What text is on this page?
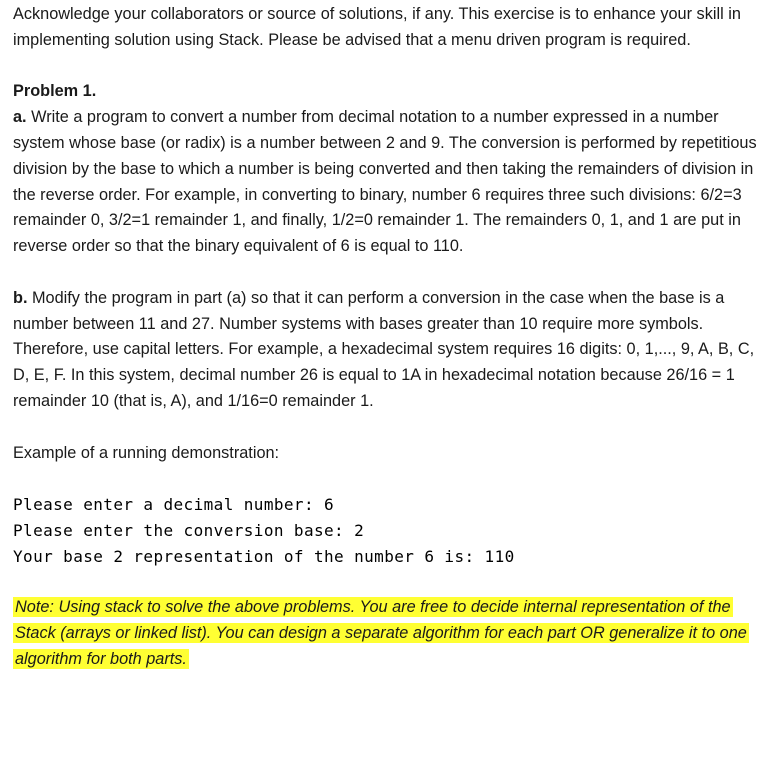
Acknowledge your collaborators or source of solutions, if any. This exercise is to enhance your skill in implementing solution using Stack. Please be advised that a menu driven program is required.

Problem 1.

a. Write a program to convert a number from decimal notation to a number expressed in a number system whose base (or radix) is a number between 2 and 9. The conversion is performed by repetitious division by the base to which a number is being converted and then taking the remainders of division in the reverse order. For example, in converting to binary, number 6 requires three such divisions: 6/2=3 remainder 0, 3/2=1 remainder 1, and finally, 1/2=0 remainder 1. The remainders 0, 1, and 1 are put in reverse order so that the binary equivalent of 6 is equal to 110.

b. Modify the program in part (a) so that it can perform a conversion in the case when the base is a number between 11 and 27. Number systems with bases greater than 10 require more symbols. Therefore, use capital letters. For example, a hexadecimal system requires 16 digits: 0, 1,..., 9, A, B, C, D, E, F. In this system, decimal number 26 is equal to 1A in hexadecimal notation because 26/16 = 1 remainder 10 (that is, A), and 1/16=0 remainder 1.

Example of a running demonstration:

Please enter a decimal number: 6
Please enter the conversion base: 2
Your base 2 representation of the number 6 is: 110

Note: Using stack to solve the above problems. You are free to decide internal representation of the Stack (arrays or linked list). You can design a separate algorithm for each part OR generalize it to one algorithm for both parts.
